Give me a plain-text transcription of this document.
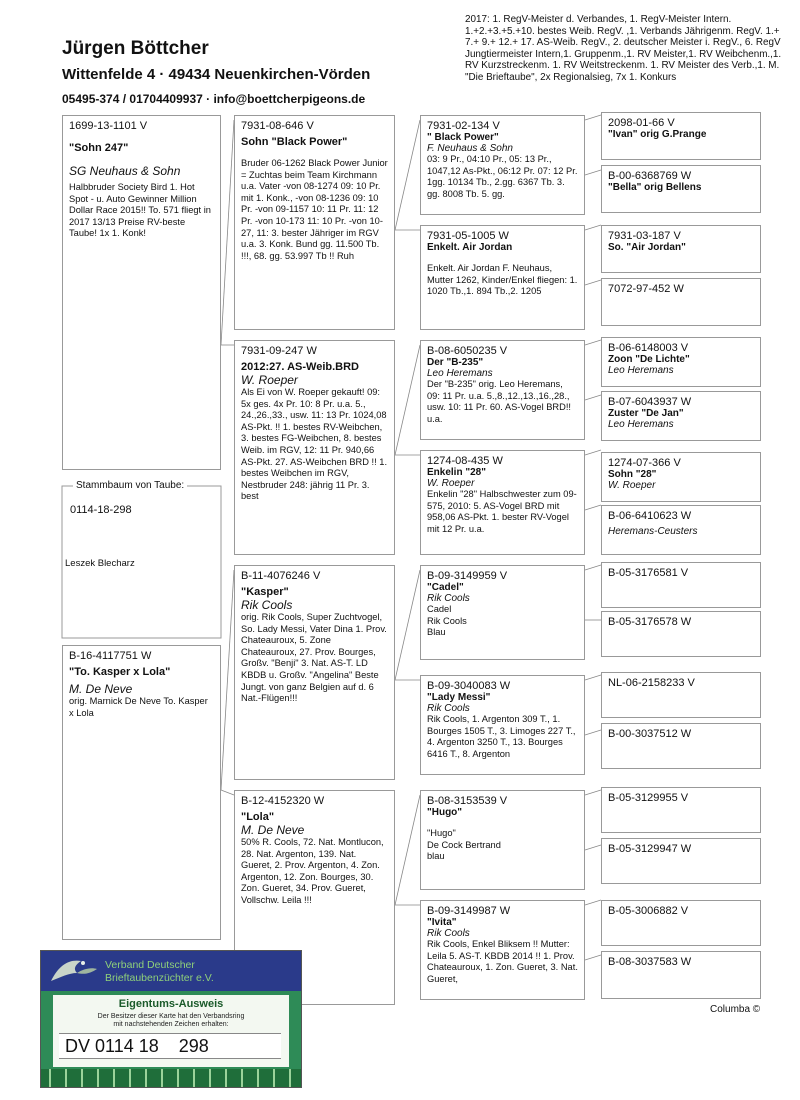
Jürgen Böttcher
Wittenfelde 4 · 49434 Neuenkirchen-Vörden
05495-374 / 01704409937 · info@boettcherpigeons.de
2017: 1. RegV-Meister d. Verbandes, 1. RegV-Meister Intern. 1.+2.+3.+5.+10. bestes Weib. RegV. ,1. Verbands Jährigenm. RegV. 1.+ 7.+ 9.+ 12.+ 17. AS-Weib. RegV., 2. deutscher Meister i. RegV., 6. RegV Jungtiermeister Intern,1. Gruppenm.,1. RV Meister,1. RV Weibchenm.,1. RV Kurzstreckenm. 1. RV Weitstreckenm. 1. RV Meister des Verb.,1. M. "Die Brieftaube", 2x Regionalsieg, 7x 1. Konkurs
1699-13-1101 V
"Sohn 247"
SG Neuhaus & Sohn
Halbbruder Society Bird 1. Hot Spot - u. Auto Gewinner Million Dollar Race 2015!! To. 571 fliegt in 2017 13/13 Preise RV-beste Taube! 1x 1. Konk!
Stammbaum von Taube:
0114-18-298
Leszek Blecharz
B-16-4117751 W
"To. Kasper x Lola"
M. De Neve
orig. Marnick De Neve To. Kasper x Lola
7931-08-646 V
Sohn "Black Power"
Bruder 06-1262 Black Power Junior = Zuchtas beim Team Kirchmann u.a. Vater -von 08-1274 09: 10 Pr. mit 1. Konk., -von 08-1236 09: 10 Pr. -von 09-1157 10: 11 Pr. 11: 12 Pr. -von 10-173 11: 10 Pr. -von 10-27, 11: 3. bester Jähriger im RGV u.a. 3. Konk. Bund gg. 11.500 Tb. !!!, 68. gg. 53.997 Tb !! Ruh
7931-09-247 W
2012:27. AS-Weib.BRD
W. Roeper
Als Ei von W. Roeper gekauft! 09: 5x ges. 4x Pr. 10: 8 Pr. u.a. 5., 24.,26.,33., usw. 11: 13 Pr. 1024,08 AS-Pkt. !! 1. bestes RV-Weibchen, 3. bestes FG-Weibchen, 8. bestes Weib. im RGV, 12: 11 Pr. 940,66 AS-Pkt. 27. AS-Weibchen BRD !! 1. bestes Weibchen im RGV, Nestbruder 248: jährig 11 Pr. 3. best
B-11-4076246 V
"Kasper"
Rik Cools
orig. Rik Cools, Super Zuchtvogel, So. Lady Messi, Vater Dina 1. Prov. Chateauroux, 5. Zone Chateauroux, 27. Prov. Bourges, Großv. "Benji" 3. Nat. AS-T. LD KBDB u. Großv. "Angelina" Beste Jungt. von ganz Belgien auf d. 6 Nat.-Flügen!!!
B-12-4152320 W
"Lola"
M. De Neve
50% R. Cools, 72. Nat. Montlucon, 28. Nat. Argenton, 139. Nat. Gueret, 2. Prov. Argenton, 4. Zon. Argenton, 12. Zon. Bourges, 30. Zon. Gueret, 34. Prov. Gueret, Vollschw. Leila !!!
7931-02-134 V
" Black Power"
F. Neuhaus & Sohn
03: 9 Pr., 04:10 Pr., 05: 13 Pr., 1047,12 As-Pkt., 06:12 Pr. 07: 12 Pr. 1gg. 10134 Tb., 2.gg. 6367 Tb. 3. gg. 8008 Tb. 5. gg.
7931-05-1005 W
Enkelt. Air Jordan
Enkelt. Air Jordan F. Neuhaus, Mutter 1262, Kinder/Enkel fliegen: 1. 1020 Tb.,1. 894 Tb.,2. 1205
B-08-6050235 V
Der "B-235"
Leo Heremans
Der "B-235" orig. Leo Heremans, 09: 11 Pr. u.a. 5.,8.,12.,13.,16.,28., usw. 10: 11 Pr. 60. AS-Vogel BRD!! u.a.
1274-08-435 W
Enkelin "28"
W. Roeper
Enkelin "28" Halbschwester zum 09-575, 2010: 5. AS-Vogel BRD mit 958,06 AS-Pkt. 1. bester RV-Vogel mit 12 Pr. u.a.
B-09-3149959 V
"Cadel"
Rik Cools
Cadel
Rik Cools
Blau
B-09-3040083 W
"Lady Messi"
Rik Cools
Rik Cools, 1. Argenton 309 T., 1. Bourges 1505 T., 3. Limoges 227 T., 4. Argenton 3250 T., 13. Bourges 6416 T., 8. Argenton
B-08-3153539 V
"Hugo"
"Hugo"
De Cock Bertrand
blau
B-09-3149987 W
"Ivita"
Rik Cools
Rik Cools, Enkel Bliksem !! Mutter: Leila 5. AS-T. KBDB 2014 !! 1. Prov. Chateauroux, 1. Zon. Gueret, 3. Nat. Gueret,
2098-01-66 V
"Ivan" orig G.Prange
B-00-6368769 W
"Bella" orig Bellens
7931-03-187 V
So. "Air Jordan"
7072-97-452 W
B-06-6148003 V
Zoon "De Lichte"
Leo Heremans
B-07-6043937 W
Zuster "De Jan"
Leo Heremans
1274-07-366 V
Sohn "28"
W. Roeper
B-06-6410623 W
Heremans-Ceusters
B-05-3176581 V
B-05-3176578 W
NL-06-2158233 V
B-00-3037512 W
B-05-3129955 V
B-05-3129947 W
B-05-3006882 V
B-08-3037583 W
Verband Deutscher
Brieftaubenzüchter e.V.
Eigentums-Ausweis
Der Besitzer dieser Karte hat den Verbandsring
mit nachstehenden Zeichen erhalten:
DV 0114 18    298
Columba ©
